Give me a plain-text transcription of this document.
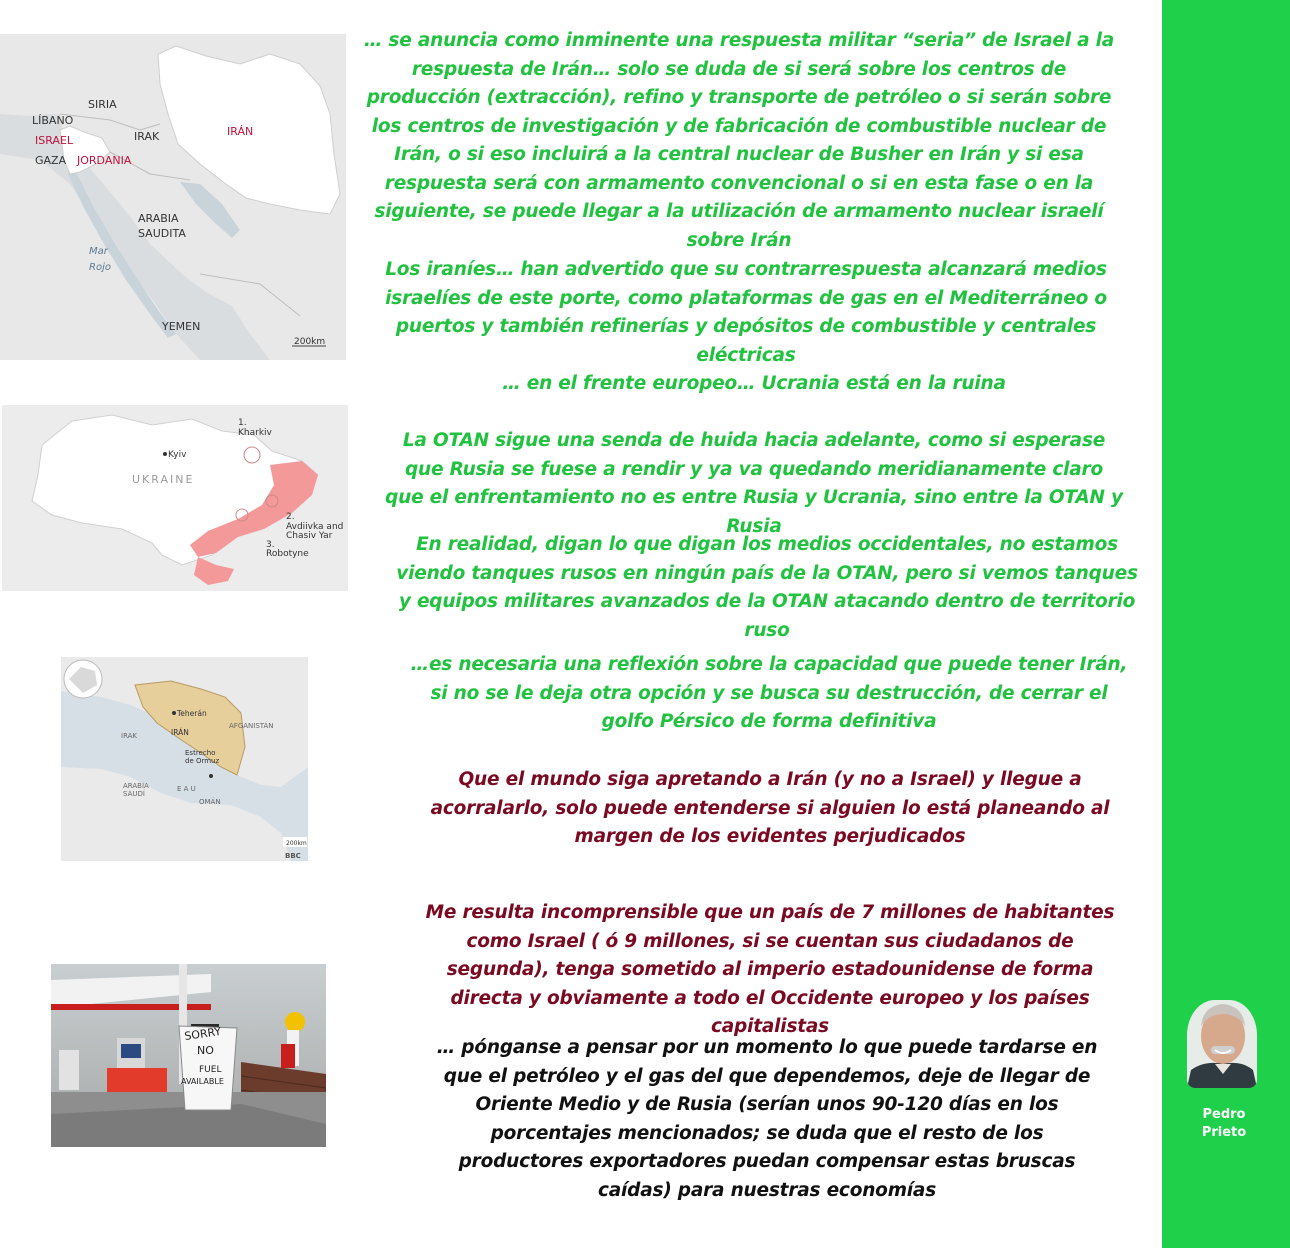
200km
LÍBANO
SIRIA
ISRAEL	IRAK	IRÁN
GAZA JORDANIA
ARABIA
SAUDITA
Mar
Rojo
YEMEN

… se anuncia como inminente una respuesta militar “seria” de Israel a la respuesta de Irán… solo se duda de si será sobre los centros de producción (extracción), refino y transporte de petróleo o si serán sobre los centros de investigación y de fabricación de combustible nuclear de Irán, o si eso incluirá a la central nuclear de Busher en Irán y si esa respuesta será con armamento convencional o si en esta fase o en la siguiente, se puede llegar a la utilización de armamento nuclear israelí sobre Irán

Los iraníes… han advertido que su contrarrespuesta alcanzará medios israelíes de este porte, como plataformas de gas en el Mediterráneo o puertos y también refinerías y depósitos de combustible y centrales eléctricas

… en el frente europeo… Ucrania está en la ruina

Kyiv
UKRAINE
1.
Kharkiv
2.
Avdiivka and
Chasiv Yar
3.
Robotyne

La OTAN sigue una senda de huida hacia adelante, como si esperase que Rusia se fuese a rendir y ya va quedando meridianamente claro que el enfrentamiento no es entre Rusia y Ucrania, sino entre la OTAN y Rusia

En realidad, digan lo que digan los medios occidentales, no estamos viendo tanques rusos en ningún país de la OTAN, pero si vemos tanques y equipos militares avanzados de la OTAN atacando dentro de territorio ruso

Teherán
IRÁN
IRAK
AFGANISTÁN
Estrecho
de Ormuz
ARABIA
SAUDÍ
E A U
OMÁN
200km
BBC

…es necesaria una reflexión sobre la capacidad que puede tener Irán, si no se le deja otra opción y se busca su destrucción, de cerrar el golfo Pérsico de forma definitiva

Que el mundo siga apretando a Irán (y no a Israel) y llegue a acorralarlo, solo puede entenderse si alguien lo está planeando al margen de los evidentes perjudicados

Me resulta incomprensible que un país de 7 millones de habitantes como Israel ( ó 9 millones, si se cuentan sus ciudadanos de segunda), tenga sometido al imperio estadounidense de forma directa y obviamente a todo el Occidente europeo y los países capitalistas

SORRY
NO
FUEL
AVAILABLE

… pónganse a pensar por un momento lo que puede tardarse en que el petróleo y el gas del que dependemos, deje de llegar de Oriente Medio y de Rusia (serían unos 90-120 días en los porcentajes mencionados; se duda que el resto de los productores exportadores puedan compensar estas bruscas caídas) para nuestras economías

Pedro
Prieto
